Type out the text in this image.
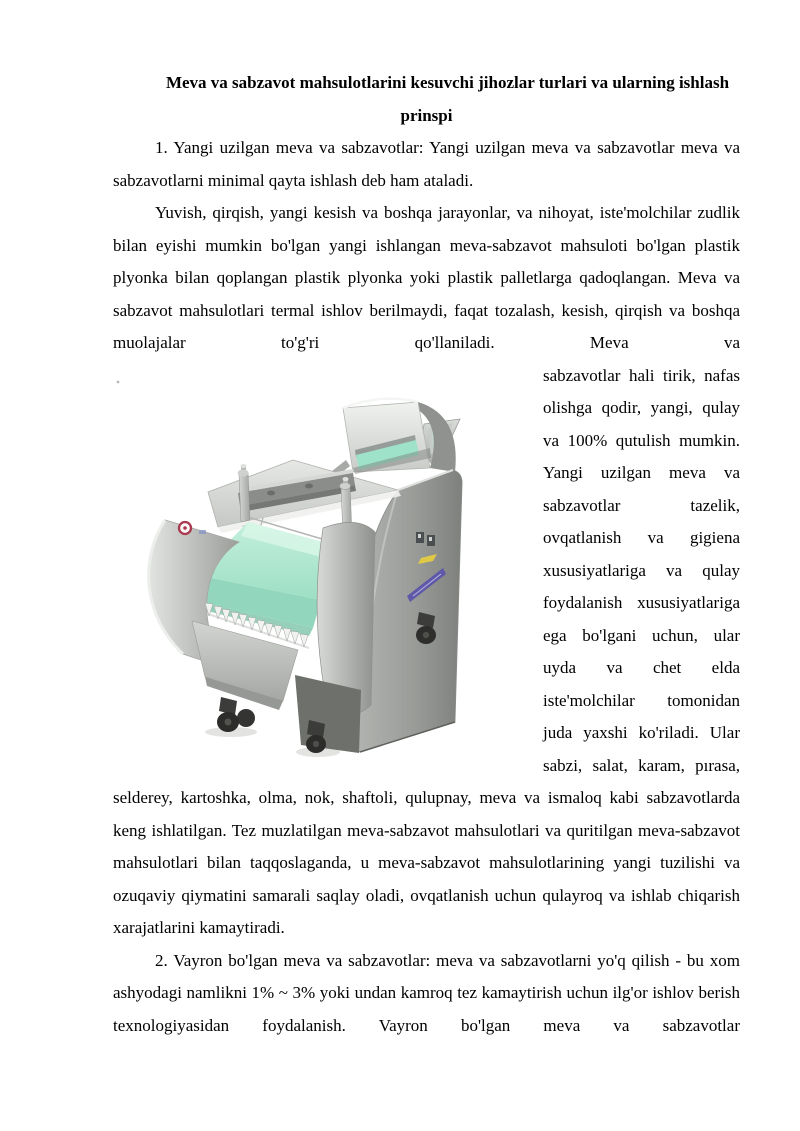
Meva va sabzavot mahsulotlarini kesuvchi jihozlar turlari va ularning ishlash prinspi

1. Yangi uzilgan meva va sabzavotlar: Yangi uzilgan meva va sabzavotlar meva va sabzavotlarni minimal qayta ishlash deb ham ataladi.

Yuvish, qirqish, yangi kesish va boshqa jarayonlar, va nihoyat, iste'molchilar zudlik bilan eyishi mumkin bo'lgan yangi ishlangan meva-sabzavot mahsuloti bo'lgan plastik plyonka bilan qoplangan plastik plyonka yoki plastik palletlarga qadoqlangan. Meva va sabzavot mahsulotlari termal ishlov berilmaydi, faqat tozalash, kesish, qirqish va boshqa muolajalar to'g'ri qo'llaniladi. Meva va

sabzavotlar hali tirik, nafas olishga qodir, yangi, qulay va 100% qutulish mumkin. Yangi uzilgan meva va sabzavotlar tazelik, ovqatlanish va gigiena xususiyatlariga va qulay foydalanish xususiyatlariga ega bo'lgani uchun, ular uyda va chet elda iste'molchilar tomonidan juda yaxshi ko'riladi. Ular sabzi, salat, karam, pırasa, selderey, kartoshka, olma, nok, shaftoli, qulupnay, meva va ismaloq kabi sabzavotlarda keng ishlatilgan. Tez muzlatilgan meva-sabzavot mahsulotlari va quritilgan meva-sabzavot mahsulotlari bilan taqqoslaganda, u meva-sabzavot mahsulotlarining yangi tuzilishi va ozuqaviy qiymatini samarali saqlay oladi, ovqatlanish uchun qulayroq va ishlab chiqarish xarajatlarini kamaytiradi.

2. Vayron bo'lgan meva va sabzavotlar: meva va sabzavotlarni yo'q qilish - bu xom ashyodagi namlikni 1% ~ 3% yoki undan kamroq tez kamaytirish uchun ilg'or ishlov berish texnologiyasidan foydalanish. Vayron bo'lgan meva va sabzavotlar
